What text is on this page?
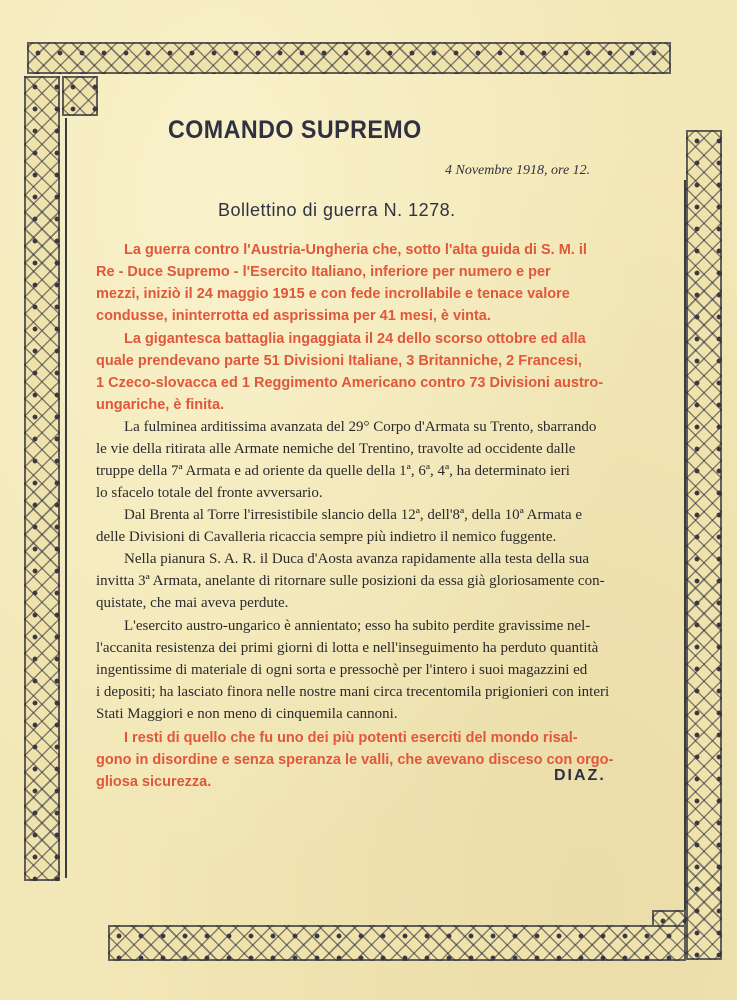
COMANDO SUPREMO
4 Novembre 1918, ore 12.
Bollettino di guerra N. 1278.
La guerra contro l'Austria-Ungheria che, sotto l'alta guida di S. M. il
Re - Duce Supremo - l'Esercito Italiano, inferiore per numero e per
mezzi, iniziò il 24 maggio 1915 e con fede incrollabile e tenace valore
condusse, ininterrotta ed asprissima per 41 mesi, è vinta.
La gigantesca battaglia ingaggiata il 24 dello scorso ottobre ed alla
quale prendevano parte 51 Divisioni Italiane, 3 Britanniche, 2 Francesi,
1 Czeco-slovacca ed 1 Reggimento Americano contro 73 Divisioni austro-
ungariche, è finita.
La fulminea arditissima avanzata del 29° Corpo d'Armata su Trento, sbarrando
le vie della ritirata alle Armate nemiche del Trentino, travolte ad occidente dalle
truppe della 7ª Armata e ad oriente da quelle della 1ª, 6ª, 4ª, ha determinato ieri
lo sfacelo totale del fronte avversario.
Dal Brenta al Torre l'irresistibile slancio della 12ª, dell'8ª, della 10ª Armata e
delle Divisioni di Cavalleria ricaccia sempre più indietro il nemico fuggente.
Nella pianura S. A. R. il Duca d'Aosta avanza rapidamente alla testa della sua
invitta 3ª Armata, anelante di ritornare sulle posizioni da essa già gloriosamente con-
quistate, che mai aveva perdute.
L'esercito austro-ungarico è annientato; esso ha subito perdite gravissime nel-
l'accanita resistenza dei primi giorni di lotta e nell'inseguimento ha perduto quantità
ingentissime di materiale di ogni sorta e pressochè per l'intero i suoi magazzini ed
i depositi; ha lasciato finora nelle nostre mani circa trecentomila prigionieri con interi
Stati Maggiori e non meno di cinquemila cannoni.
I resti di quello che fu uno dei più potenti eserciti del mondo risal-
gono in disordine e senza speranza le valli, che avevano disceso con orgo-
gliosa sicurezza.	DIAZ.
